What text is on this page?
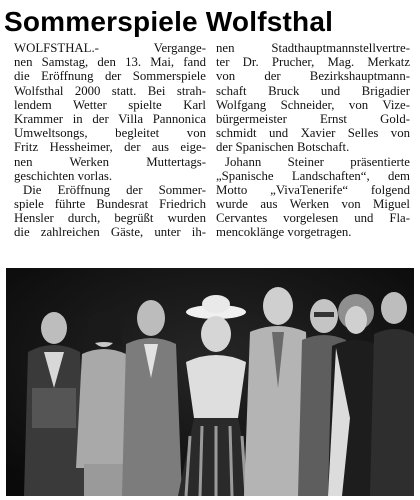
Sommerspiele Wolfsthal
WOLFSTHAL.- Vergange-
nen Samstag, den 13. Mai, fand
die Eröffnung der Sommerspiele
Wolfsthal 2000 statt. Bei strah-
lendem Wetter spielte Karl
Krammer in der Villa Pannonica
Umweltsongs, begleitet von
Fritz Hessheimer, der aus eige-
nen Werken Muttertags-
geschichten vorlas.
Die Eröffnung der Sommer-
spiele führte Bundesrat Friedrich
Hensler durch, begrüßt wurden
die zahlreichen Gäste, unter ih-
nen Stadthauptmannstellvertre-
ter Dr. Prucher, Mag. Merkatz
von der Bezirkshauptmann-
schaft Bruck und Brigadier
Wolfgang Schneider, von Vize-
bürgermeister Ernst Gold-
schmidt und Xavier Selles von
der Spanischen Botschaft.
Johann Steiner präsentierte
„Spanische Landschaften“, dem
Motto „VivaTenerife“ folgend
wurde aus Werken von Miguel
Cervantes vorgelesen und Fla-
mencoklänge vorgetragen.
